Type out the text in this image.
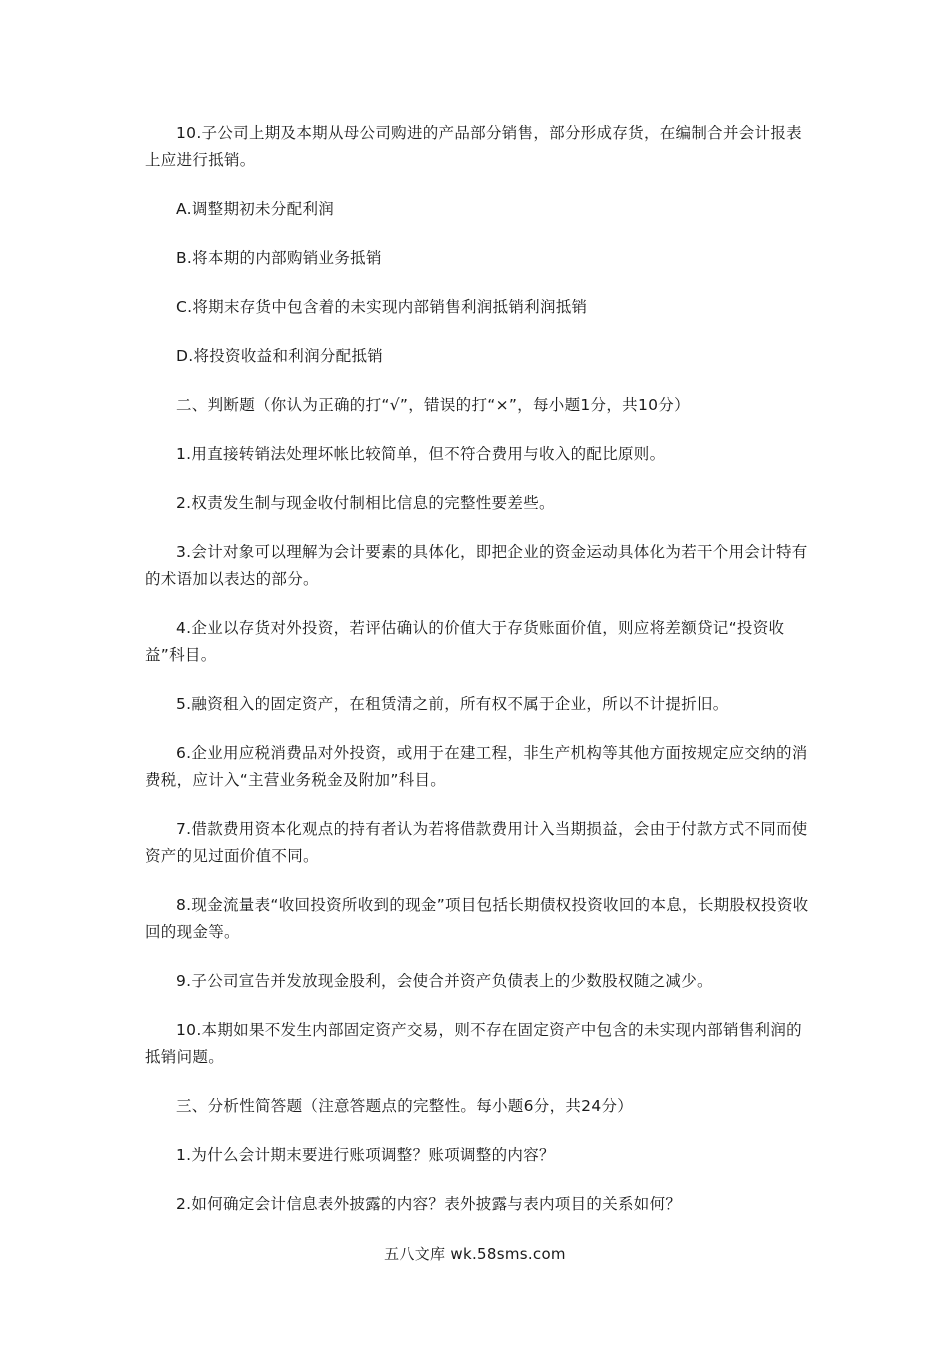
10.子公司上期及本期从母公司购进的产品部分销售，部分形成存货，在编制合并会计报表上应进行抵销。

A.调整期初未分配利润

B.将本期的内部购销业务抵销

C.将期末存货中包含着的未实现内部销售利润抵销利润抵销

D.将投资收益和利润分配抵销

二、判断题（你认为正确的打“√”，错误的打“×”，每小题1分，共10分）

1.用直接转销法处理坏帐比较简单，但不符合费用与收入的配比原则。

2.权责发生制与现金收付制相比信息的完整性要差些。

3.会计对象可以理解为会计要素的具体化，即把企业的资金运动具体化为若干个用会计特有的术语加以表达的部分。

4.企业以存货对外投资，若评估确认的价值大于存货账面价值，则应将差额贷记“投资收益”科目。

5.融资租入的固定资产，在租赁清之前，所有权不属于企业，所以不计提折旧。

6.企业用应税消费品对外投资，或用于在建工程，非生产机构等其他方面按规定应交纳的消费税，应计入“主营业务税金及附加”科目。

7.借款费用资本化观点的持有者认为若将借款费用计入当期损益，会由于付款方式不同而使资产的见过面价值不同。

8.现金流量表“收回投资所收到的现金”项目包括长期债权投资收回的本息，长期股权投资收回的现金等。

9.子公司宣告并发放现金股利，会使合并资产负债表上的少数股权随之减少。

10.本期如果不发生内部固定资产交易，则不存在固定资产中包含的未实现内部销售利润的抵销问题。

三、分析性简答题（注意答题点的完整性。每小题6分，共24分）

1.为什么会计期末要进行账项调整？账项调整的内容？

2.如何确定会计信息表外披露的内容？表外披露与表内项目的关系如何？

五八文库 wk.58sms.com
